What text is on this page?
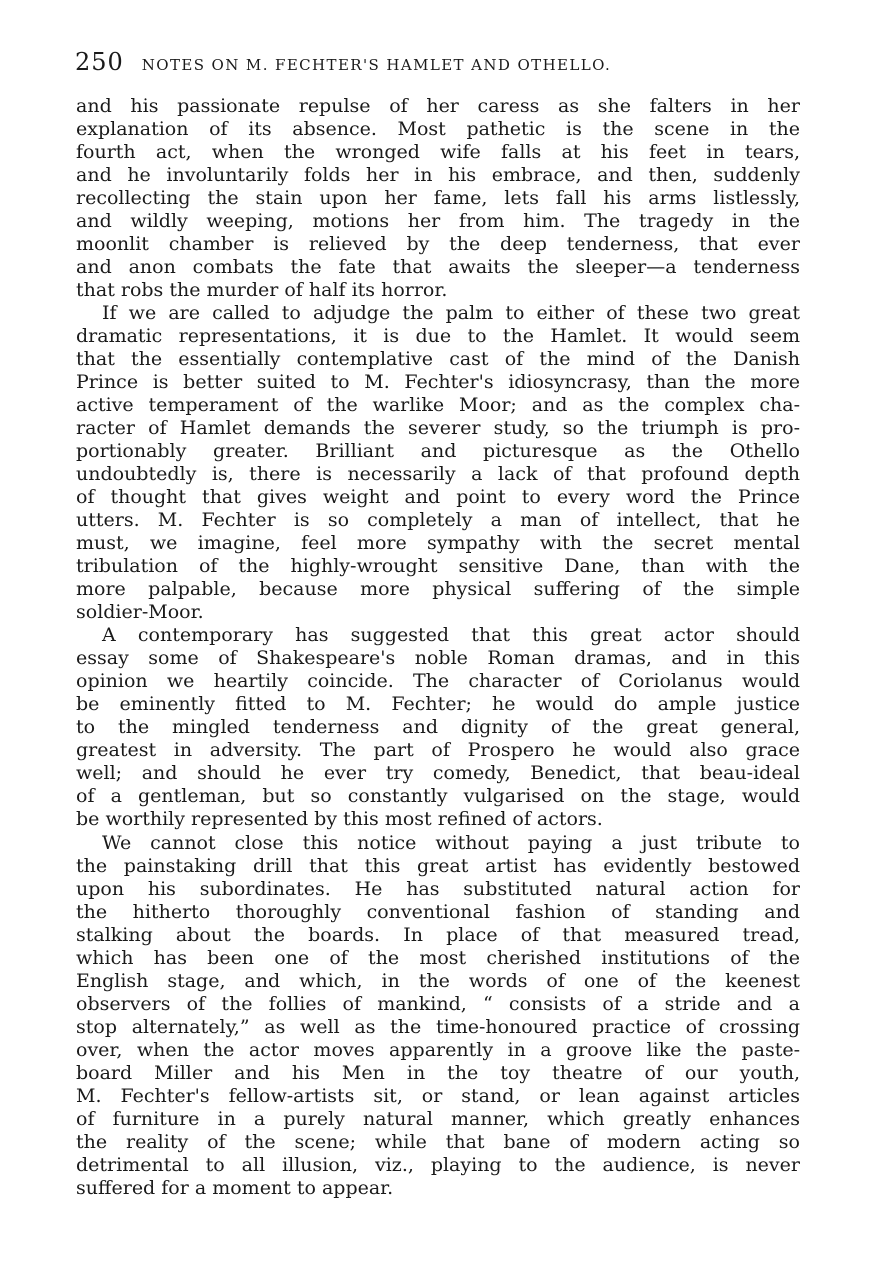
250 NOTES ON M. FECHTER'S HAMLET AND OTHELLO.
and his passionate repulse of her caress as she falters in her
explanation of its absence. Most pathetic is the scene in the
fourth act, when the wronged wife falls at his feet in tears,
and he involuntarily folds her in his embrace, and then, suddenly
recollecting the stain upon her fame, lets fall his arms listlessly,
and wildly weeping, motions her from him. The tragedy in the
moonlit chamber is relieved by the deep tenderness, that ever
and anon combats the fate that awaits the sleeper—a tenderness
that robs the murder of half its horror.
If we are called to adjudge the palm to either of these two great
dramatic representations, it is due to the Hamlet. It would seem
that the essentially contemplative cast of the mind of the Danish
Prince is better suited to M. Fechter's idiosyncrasy, than the more
active temperament of the warlike Moor; and as the complex cha-
racter of Hamlet demands the severer study, so the triumph is pro-
portionably greater. Brilliant and picturesque as the Othello
undoubtedly is, there is necessarily a lack of that profound depth
of thought that gives weight and point to every word the Prince
utters. M. Fechter is so completely a man of intellect, that he
must, we imagine, feel more sympathy with the secret mental
tribulation of the highly-wrought sensitive Dane, than with the
more palpable, because more physical suffering of the simple
soldier-Moor.
A contemporary has suggested that this great actor should
essay some of Shakespeare's noble Roman dramas, and in this
opinion we heartily coincide. The character of Coriolanus would
be eminently fitted to M. Fechter; he would do ample justice
to the mingled tenderness and dignity of the great general,
greatest in adversity. The part of Prospero he would also grace
well; and should he ever try comedy, Benedict, that beau-ideal
of a gentleman, but so constantly vulgarised on the stage, would
be worthily represented by this most refined of actors.
We cannot close this notice without paying a just tribute to
the painstaking drill that this great artist has evidently bestowed
upon his subordinates. He has substituted natural action for
the hitherto thoroughly conventional fashion of standing and
stalking about the boards. In place of that measured tread,
which has been one of the most cherished institutions of the
English stage, and which, in the words of one of the keenest
observers of the follies of mankind, “ consists of a stride and a
stop alternately,” as well as the time-honoured practice of crossing
over, when the actor moves apparently in a groove like the paste-
board Miller and his Men in the toy theatre of our youth,
M. Fechter's fellow-artists sit, or stand, or lean against articles
of furniture in a purely natural manner, which greatly enhances
the reality of the scene; while that bane of modern acting so
detrimental to all illusion, viz., playing to the audience, is never
suffered for a moment to appear.
